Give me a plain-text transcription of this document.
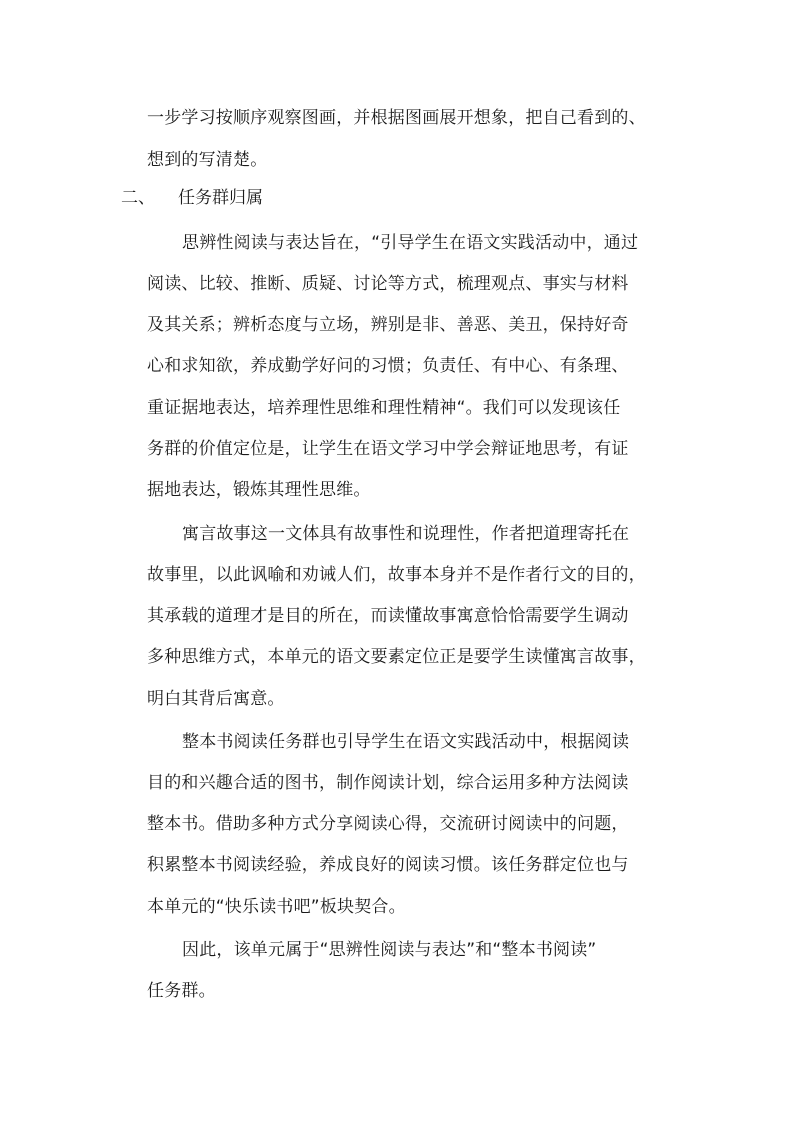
一步学习按顺序观察图画，并根据图画展开想象，把自己看到的、
想到的写清楚。
二、 任务群归属
思辨性阅读与表达旨在，“引导学生在语文实践活动中，通过
阅读、比较、推断、质疑、讨论等方式，梳理观点、事实与材料
及其关系；辨析态度与立场，辨别是非、善恶、美丑，保持好奇
心和求知欲，养成勤学好问的习惯；负责任、有中心、有条理、
重证据地表达，培养理性思维和理性精神“。我们可以发现该任
务群的价值定位是，让学生在语文学习中学会辩证地思考，有证
据地表达，锻炼其理性思维。
寓言故事这一文体具有故事性和说理性，作者把道理寄托在
故事里，以此讽喻和劝诫人们，故事本身并不是作者行文的目的，
其承载的道理才是目的所在，而读懂故事寓意恰恰需要学生调动
多种思维方式，本单元的语文要素定位正是要学生读懂寓言故事，
明白其背后寓意。
整本书阅读任务群也引导学生在语文实践活动中，根据阅读
目的和兴趣合适的图书，制作阅读计划，综合运用多种方法阅读
整本书。借助多种方式分享阅读心得，交流研讨阅读中的问题，
积累整本书阅读经验，养成良好的阅读习惯。该任务群定位也与
本单元的“快乐读书吧”板块契合。
因此，该单元属于“思辨性阅读与表达”和“整本书阅读”
任务群。
